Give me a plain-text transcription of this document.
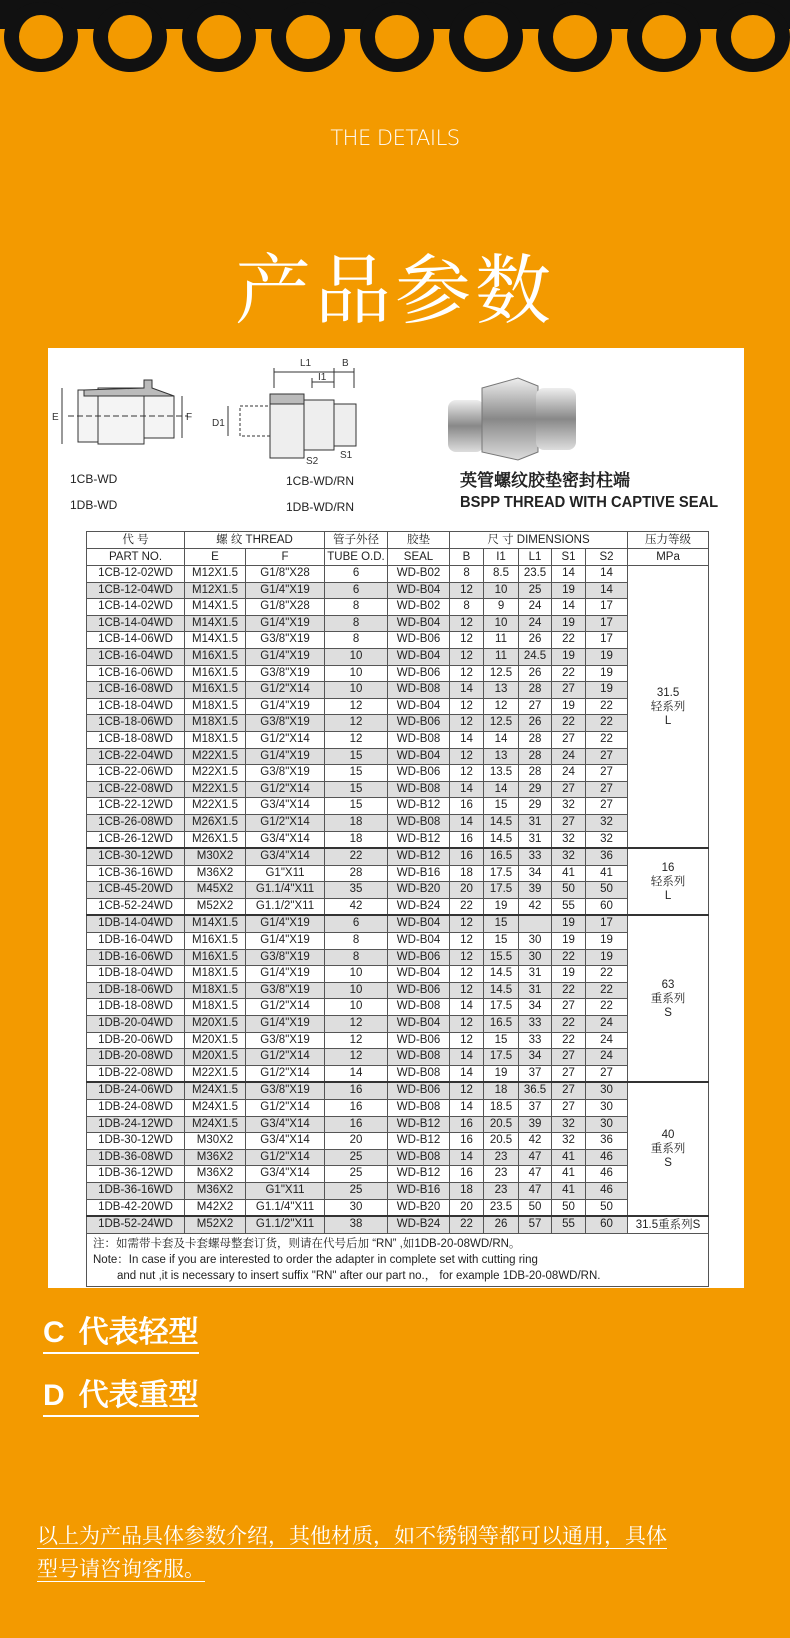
THE DETAILS
产品参数
E	F
L1	B
I1
D1
S2
S1
1CB-WD
1DB-WD
1CB-WD/RN
1DB-WD/RN
英管螺纹胶垫密封柱端
BSPP THREAD WITH CAPTIVE SEAL
代 号	螺 纹 THREAD		管子外径	胶垫	尺 寸 DIMENSIONS					压力等级
PART NO.	E	F	TUBE O.D.	SEAL	B	I1	L1	S1	S2	MPa
1CB-12-02WD	M12X1.5	G1/8"X28	6	WD-B02	8	8.5	23.5	14	14	31.5
轻系列
L

1CB-12-04WD	M12X1.5	G1/4"X19	6	WD-B04	12	10	25	19	14	
1CB-14-02WD	M14X1.5	G1/8"X28	8	WD-B02	8	9	24	14	17	
1CB-14-04WD	M14X1.5	G1/4"X19	8	WD-B04	12	10	24	19	17	
1CB-14-06WD	M14X1.5	G3/8"X19	8	WD-B06	12	11	26	22	17	
1CB-16-04WD	M16X1.5	G1/4"X19	10	WD-B04	12	11	24.5	19	19	
1CB-16-06WD	M16X1.5	G3/8"X19	10	WD-B06	12	12.5	26	22	19	
1CB-16-08WD	M16X1.5	G1/2"X14	10	WD-B08	14	13	28	27	19	
1CB-18-04WD	M18X1.5	G1/4"X19	12	WD-B04	12	12	27	19	22	
1CB-18-06WD	M18X1.5	G3/8"X19	12	WD-B06	12	12.5	26	22	22	
1CB-18-08WD	M18X1.5	G1/2"X14	12	WD-B08	14	14	28	27	22	
1CB-22-04WD	M22X1.5	G1/4"X19	15	WD-B04	12	13	28	24	27	
1CB-22-06WD	M22X1.5	G3/8"X19	15	WD-B06	12	13.5	28	24	27	
1CB-22-08WD	M22X1.5	G1/2"X14	15	WD-B08	14	14	29	27	27	
1CB-22-12WD	M22X1.5	G3/4"X14	15	WD-B12	16	15	29	32	27	
1CB-26-08WD	M26X1.5	G1/2"X14	18	WD-B08	14	14.5	31	27	32	
1CB-26-12WD	M26X1.5	G3/4"X14	18	WD-B12	16	14.5	31	32	32	
1CB-30-12WD	M30X2	G3/4"X14	22	WD-B12	16	16.5	33	32	36	16
轻系列
L

1CB-36-16WD	M36X2	G1"X11	28	WD-B16	18	17.5	34	41	41	
1CB-45-20WD	M45X2	G1.1/4"X11	35	WD-B20	20	17.5	39	50	50	
1CB-52-24WD	M52X2	G1.1/2"X11	42	WD-B24	22	19	42	55	60	
1DB-14-04WD	M14X1.5	G1/4"X19	6	WD-B04	12	15		19	17	63
重系列
S

1DB-16-04WD	M16X1.5	G1/4"X19	8	WD-B04	12	15	30	19	19	
1DB-16-06WD	M16X1.5	G3/8"X19	8	WD-B06	12	15.5	30	22	19	
1DB-18-04WD	M18X1.5	G1/4"X19	10	WD-B04	12	14.5	31	19	22	
1DB-18-06WD	M18X1.5	G3/8"X19	10	WD-B06	12	14.5	31	22	22	
1DB-18-08WD	M18X1.5	G1/2"X14	10	WD-B08	14	17.5	34	27	22	
1DB-20-04WD	M20X1.5	G1/4"X19	12	WD-B04	12	16.5	33	22	24	
1DB-20-06WD	M20X1.5	G3/8"X19	12	WD-B06	12	15	33	22	24	
1DB-20-08WD	M20X1.5	G1/2"X14	12	WD-B08	14	17.5	34	27	24	
1DB-22-08WD	M22X1.5	G1/2"X14	14	WD-B08	14	19	37	27	27	
1DB-24-06WD	M24X1.5	G3/8"X19	16	WD-B06	12	18	36.5	27	30	40
重系列
S

1DB-24-08WD	M24X1.5	G1/2"X14	16	WD-B08	14	18.5	37	27	30	
1DB-24-12WD	M24X1.5	G3/4"X14	16	WD-B12	16	20.5	39	32	30	
1DB-30-12WD	M30X2	G3/4"X14	20	WD-B12	16	20.5	42	32	36	
1DB-36-08WD	M36X2	G1/2"X14	25	WD-B08	14	23	47	41	46	
1DB-36-12WD	M36X2	G3/4"X14	25	WD-B12	16	23	47	41	46	
1DB-36-16WD	M36X2	G1"X11	25	WD-B16	18	23	47	41	46	
1DB-42-20WD	M42X2	G1.1/4"X11	30	WD-B20	20	23.5	50	50	50	
1DB-52-24WD	M52X2	G1.1/2"X11	38	WD-B24	22	26	57	55	60	31.5重系列S

注：如需带卡套及卡套螺母整套订货，则请在代号后加 “RN” ,如1DB-20-08WD/RN。
Note：In case if you are interested to order the adapter in complete set with cutting ring
and nut ,it is necessary to insert suffix "RN" after our part no.， for example 1DB-20-08WD/RN.										
C 代表轻型
D 代表重型
以上为产品具体参数介绍，其他材质，如不锈钢等都可以通用，具体
型号请咨询客服。
